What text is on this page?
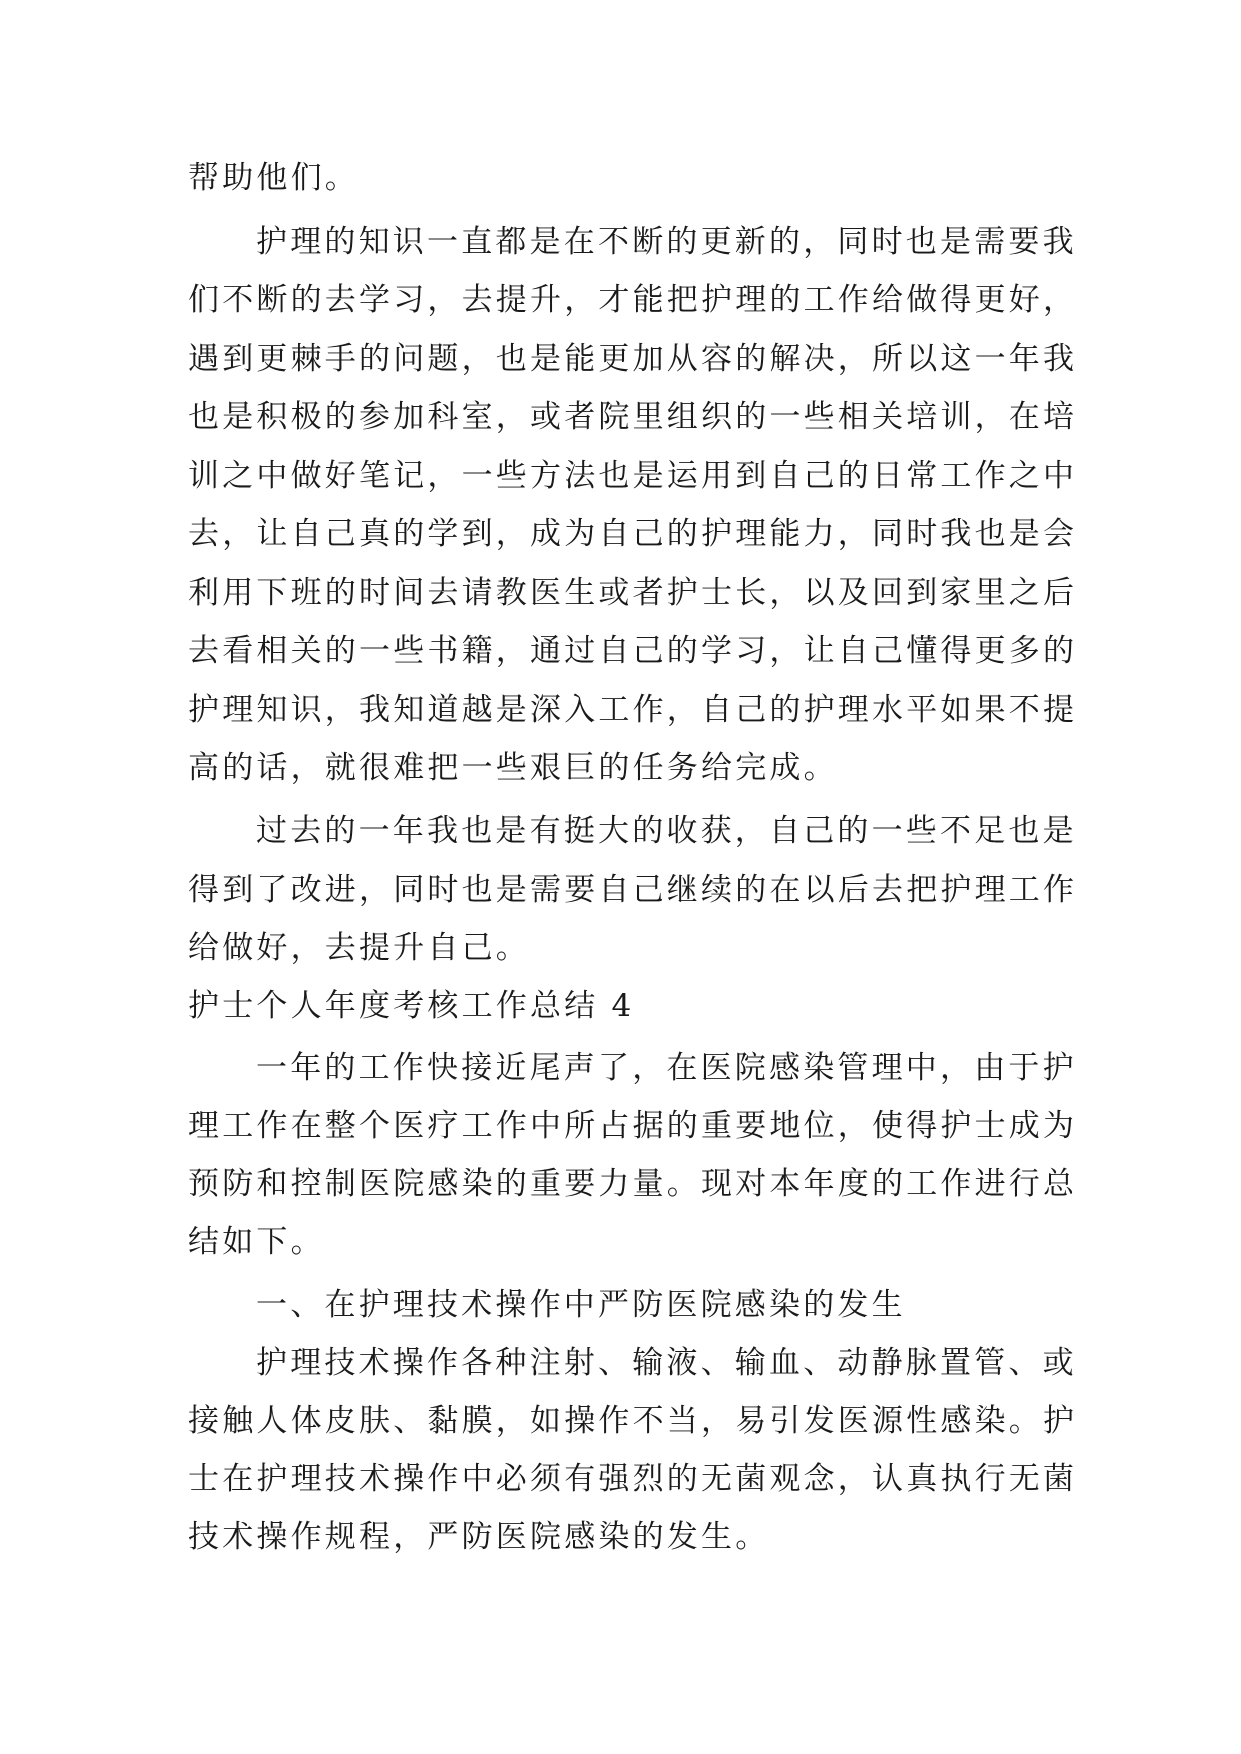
帮助他们。

护理的知识一直都是在不断的更新的，同时也是需要我

们不断的去学习，去提升，才能把护理的工作给做得更好，

遇到更棘手的问题，也是能更加从容的解决，所以这一年我

也是积极的参加科室，或者院里组织的一些相关培训，在培

训之中做好笔记，一些方法也是运用到自己的日常工作之中

去，让自己真的学到，成为自己的护理能力，同时我也是会

利用下班的时间去请教医生或者护士长，以及回到家里之后

去看相关的一些书籍，通过自己的学习，让自己懂得更多的

护理知识，我知道越是深入工作，自己的护理水平如果不提

高的话，就很难把一些艰巨的任务给完成。

过去的一年我也是有挺大的收获，自己的一些不足也是

得到了改进，同时也是需要自己继续的在以后去把护理工作

给做好，去提升自己。

护士个人年度考核工作总结 4

一年的工作快接近尾声了，在医院感染管理中，由于护

理工作在整个医疗工作中所占据的重要地位，使得护士成为

预防和控制医院感染的重要力量。现对本年度的工作进行总

结如下。

一、在护理技术操作中严防医院感染的发生

护理技术操作各种注射、输液、输血、动静脉置管、或

接触人体皮肤、黏膜，如操作不当，易引发医源性感染。护

士在护理技术操作中必须有强烈的无菌观念，认真执行无菌

技术操作规程，严防医院感染的发生。
